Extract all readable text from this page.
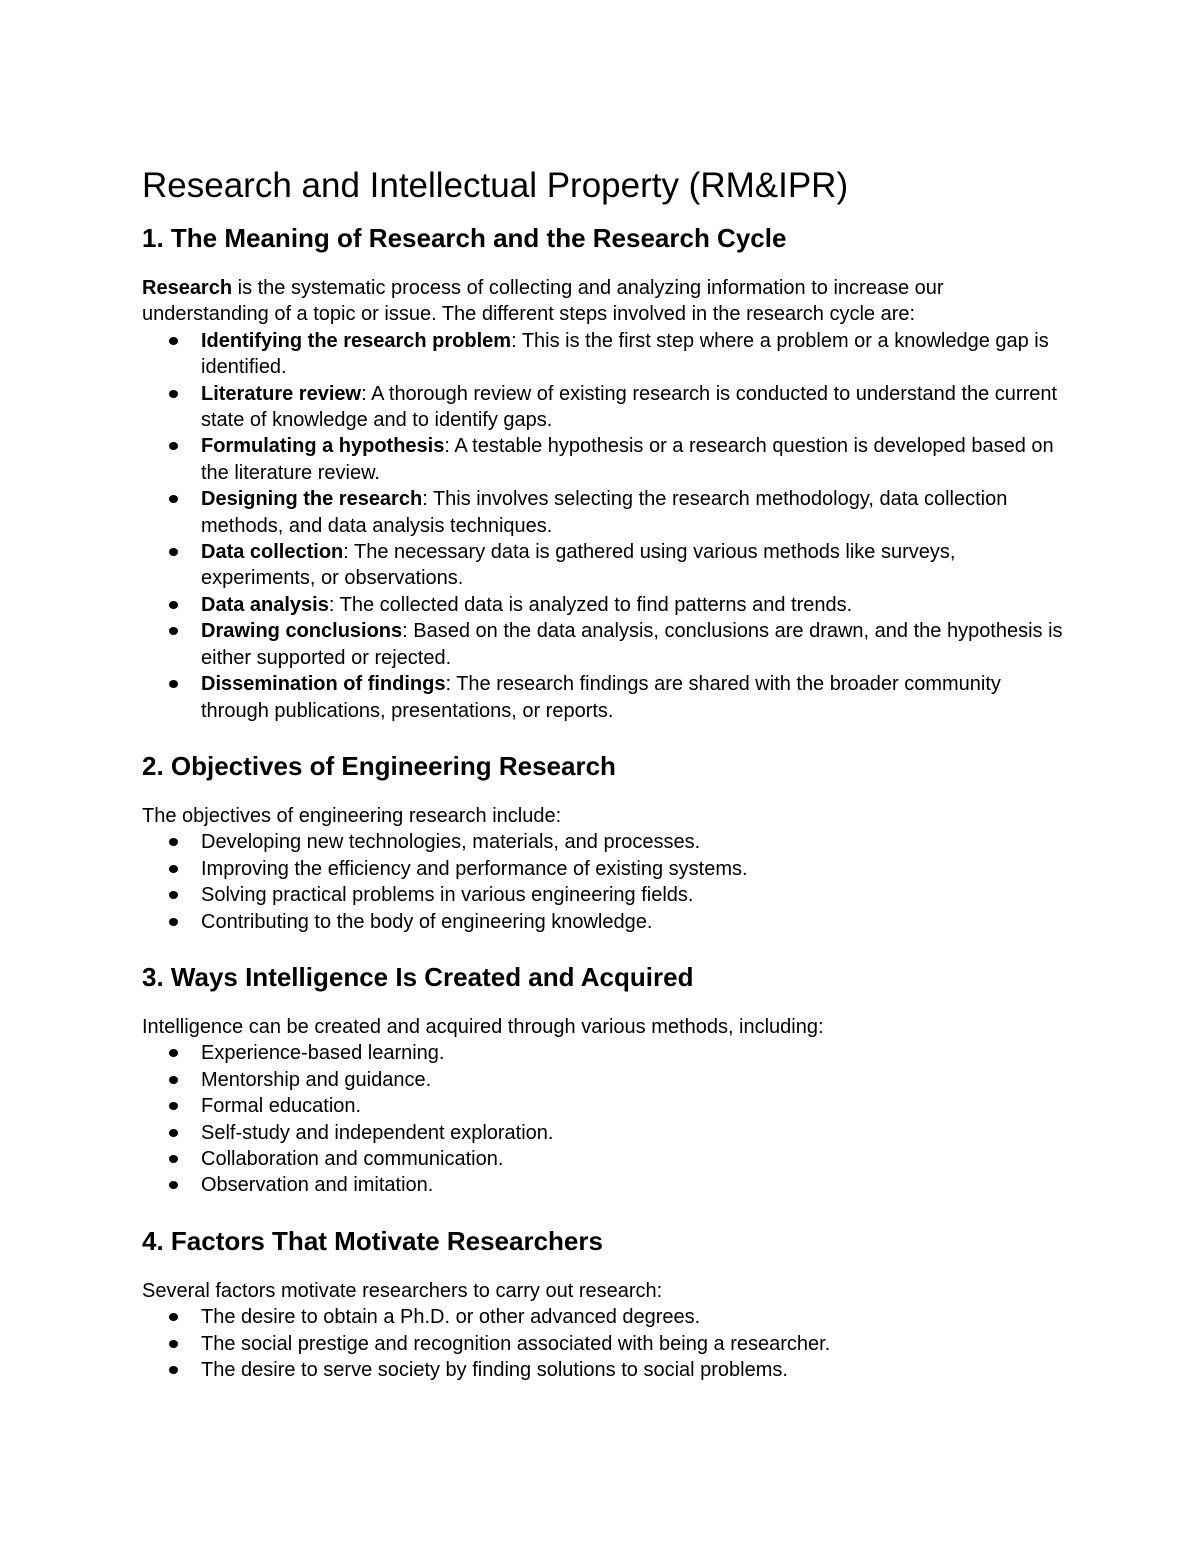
Research and Intellectual Property (RM&IPR)
1. The Meaning of Research and the Research Cycle

Research is the systematic process of collecting and analyzing information to increase our understanding of a topic or issue. The different steps involved in the research cycle are:

Identifying the research problem: This is the first step where a problem or a knowledge gap is identified.
Literature review: A thorough review of existing research is conducted to understand the current state of knowledge and to identify gaps.
Formulating a hypothesis: A testable hypothesis or a research question is developed based on the literature review.
Designing the research: This involves selecting the research methodology, data collection methods, and data analysis techniques.
Data collection: The necessary data is gathered using various methods like surveys, experiments, or observations.
Data analysis: The collected data is analyzed to find patterns and trends.
Drawing conclusions: Based on the data analysis, conclusions are drawn, and the hypothesis is either supported or rejected.
Dissemination of findings: The research findings are shared with the broader community through publications, presentations, or reports.
2. Objectives of Engineering Research

The objectives of engineering research include:

Developing new technologies, materials, and processes.
Improving the efficiency and performance of existing systems.
Solving practical problems in various engineering fields.
Contributing to the body of engineering knowledge.
3. Ways Intelligence Is Created and Acquired

Intelligence can be created and acquired through various methods, including:

Experience-based learning.
Mentorship and guidance.
Formal education.
Self-study and independent exploration.
Collaboration and communication.
Observation and imitation.
4. Factors That Motivate Researchers

Several factors motivate researchers to carry out research:

The desire to obtain a Ph.D. or other advanced degrees.
The social prestige and recognition associated with being a researcher.
The desire to serve society by finding solutions to social problems.
